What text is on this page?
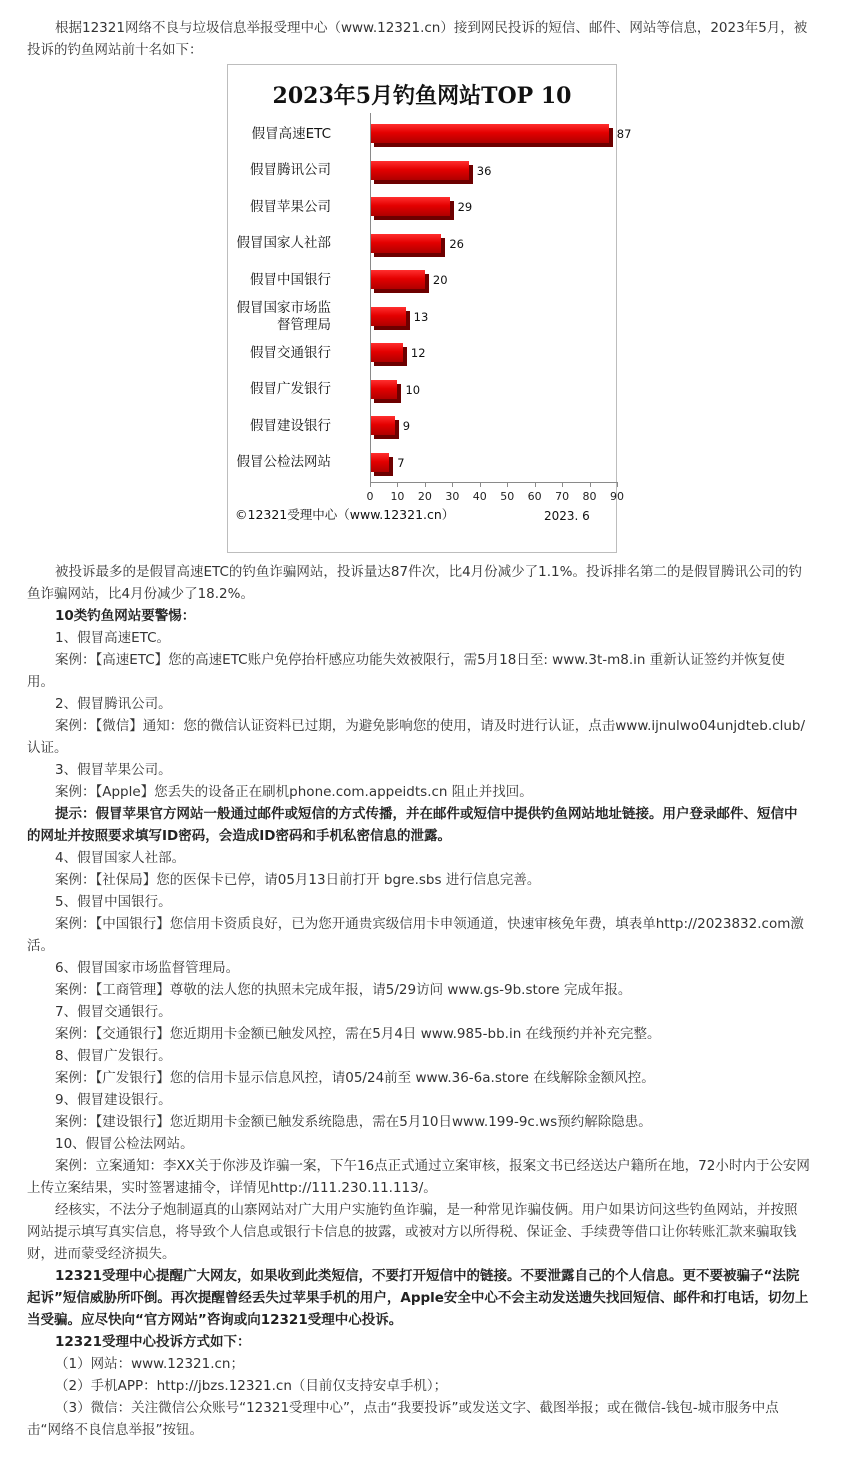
根据12321网络不良与垃圾信息举报受理中心（www.12321.cn）接到网民投诉的短信、邮件、网站等信息，2023年5月，被投诉的钓鱼网站前十名如下：

2023年5月钓鱼网站TOP 10
©12321受理中心（www.12321.cn）	2023. 6
假冒高速ETC	87
假冒腾讯公司	36
假冒苹果公司	29
假冒国家人社部	26
假冒中国银行	20
假冒国家市场监
督管理局	13
假冒交通银行	12
假冒广发银行	10
假冒建设银行	9
假冒公检法网站	7
0	10	20	30	40	50	60	70	80	90

被投诉最多的是假冒高速ETC的钓鱼诈骗网站，投诉量达87件次，比4月份减少了1.1%。投诉排名第二的是假冒腾讯公司的钓鱼诈骗网站，比4月份减少了18.2%。

10类钓鱼网站要警惕：

1、假冒高速ETC。

案例：【高速ETC】您的高速ETC账户免停抬杆感应功能失效被限行，需5月18日至: www.3t-m8.in 重新认证签约并恢复使用。

2、假冒腾讯公司。

案例：【微信】通知：您的微信认证资料已过期，为避免影响您的使用，请及时进行认证，点击www.ijnulwo04unjdteb.club/认证。

3、假冒苹果公司。

案例：【Apple】您丢失的设备正在刷机phone.com.appeidts.cn 阻止并找回。

提示：假冒苹果官方网站一般通过邮件或短信的方式传播，并在邮件或短信中提供钓鱼网站地址链接。用户登录邮件、短信中的网址并按照要求填写ID密码，会造成ID密码和手机私密信息的泄露。

4、假冒国家人社部。

案例：【社保局】您的医保卡已停，请05月13日前打开 bgre.sbs 进行信息完善。

5、假冒中国银行。

案例：【中国银行】您信用卡资质良好，已为您开通贵宾级信用卡申领通道，快速审核免年费，填表单http://2023832.com激活。

6、假冒国家市场监督管理局。

案例：【工商管理】尊敬的法人您的执照未完成年报，请5/29访问 www.gs-9b.store 完成年报。

7、假冒交通银行。

案例：【交通银行】您近期用卡金额已触发风控，需在5月4日 www.985-bb.in 在线预约并补充完整。

8、假冒广发银行。

案例：【广发银行】您的信用卡显示信息风控，请05/24前至 www.36-6a.store 在线解除金额风控。

9、假冒建设银行。

案例：【建设银行】您近期用卡金额已触发系统隐患，需在5月10日www.199-9c.ws预约解除隐患。

10、假冒公检法网站。

案例：立案通知：李XX关于你涉及诈骗一案，下午16点正式通过立案审核，报案文书已经送达户籍所在地，72小时内于公安网上传立案结果，实时签署逮捕令，详情见http://111.230.11.113/。

经核实，不法分子炮制逼真的山寨网站对广大用户实施钓鱼诈骗，是一种常见诈骗伎俩。用户如果访问这些钓鱼网站，并按照网站提示填写真实信息，将导致个人信息或银行卡信息的披露，或被对方以所得税、保证金、手续费等借口让你转账汇款来骗取钱财，进而蒙受经济损失。

12321受理中心提醒广大网友，如果收到此类短信，不要打开短信中的链接。不要泄露自己的个人信息。更不要被骗子“法院起诉”短信威胁所吓倒。再次提醒曾经丢失过苹果手机的用户，Apple安全中心不会主动发送遗失找回短信、邮件和打电话，切勿上当受骗。应尽快向“官方网站”咨询或向12321受理中心投诉。

12321受理中心投诉方式如下：

（1）网站：www.12321.cn；

（2）手机APP：http://jbzs.12321.cn（目前仅支持安卓手机）；

（3）微信：关注微信公众账号“12321受理中心”，点击“我要投诉”或发送文字、截图举报；或在微信-钱包-城市服务中点击“网络不良信息举报”按钮。
